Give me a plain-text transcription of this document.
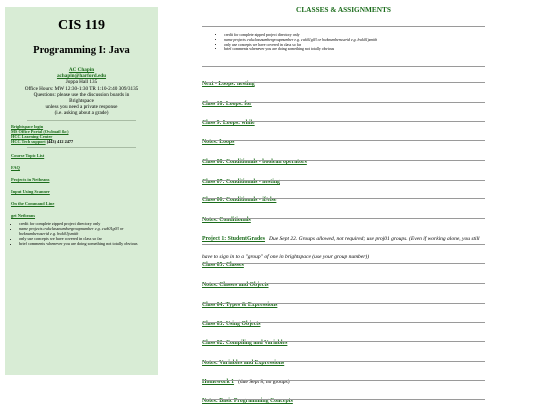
CIS 119
Programming I: Java
AC Chapin
achapin@harford.edu
Joppa Hall 135
Office Hours: MW 12:30-1:30 TR 1:10-2:40 309/3135
Questions: please use the discussion boards in
Brightspace
unless you need a private response
(i.e. asking about a grade)
Brightspace login
MS Office Portal (Owlmail &c)
HCC Learning Center
HCC Tech support (443) 412 2477
Course Topic List
FAQ
Projects in Netbeans
Input Using Scanner
On the Command Line
get Netbeans
• credit for complete zipped project directory only
• name projects cwkclassnumbergroupnumber e.g. cwk01g03 or hwknumberuserid e.g. hwk01jsmith
• only use concepts we have covered in class so far
• brief comments whenever you are doing something not totally obvious
CLASSES & ASSIGNMENTS
• credit for complete zipped project directory only
• name projects cwkclassnumbergroupnumber e.g. cwk01g03 or hwknumberuserid e.g. hwk01jsmith
• only use concepts we have covered in class so far
• brief comments whenever you are doing something not totally obvious
Next - Loops: nesting
Class 10: Loops: for
Class 9: Loops: while
Notes: Loops
Class 08: Conditionals - boolean operators
Class 07: Conditionals - nesting
Class 06: Conditionals - if/else
Notes: Conditionals
Project 1: StudentGrades Due Sept 22. Groups allowed, not required; use proj01 groups. (Even if working alone, you still have to sign in to a "group" of one in brightspace (use your group number))
Class 05: Classes
Notes: Classes and Objects
Class 04: Types & Expressions
Class 03: Using Objects
Class 02: Compiling and Variables
Notes: Variables and Expressions
Homework 1 (due Sept 8, no groups)
Notes: Basic Programming Concepts
